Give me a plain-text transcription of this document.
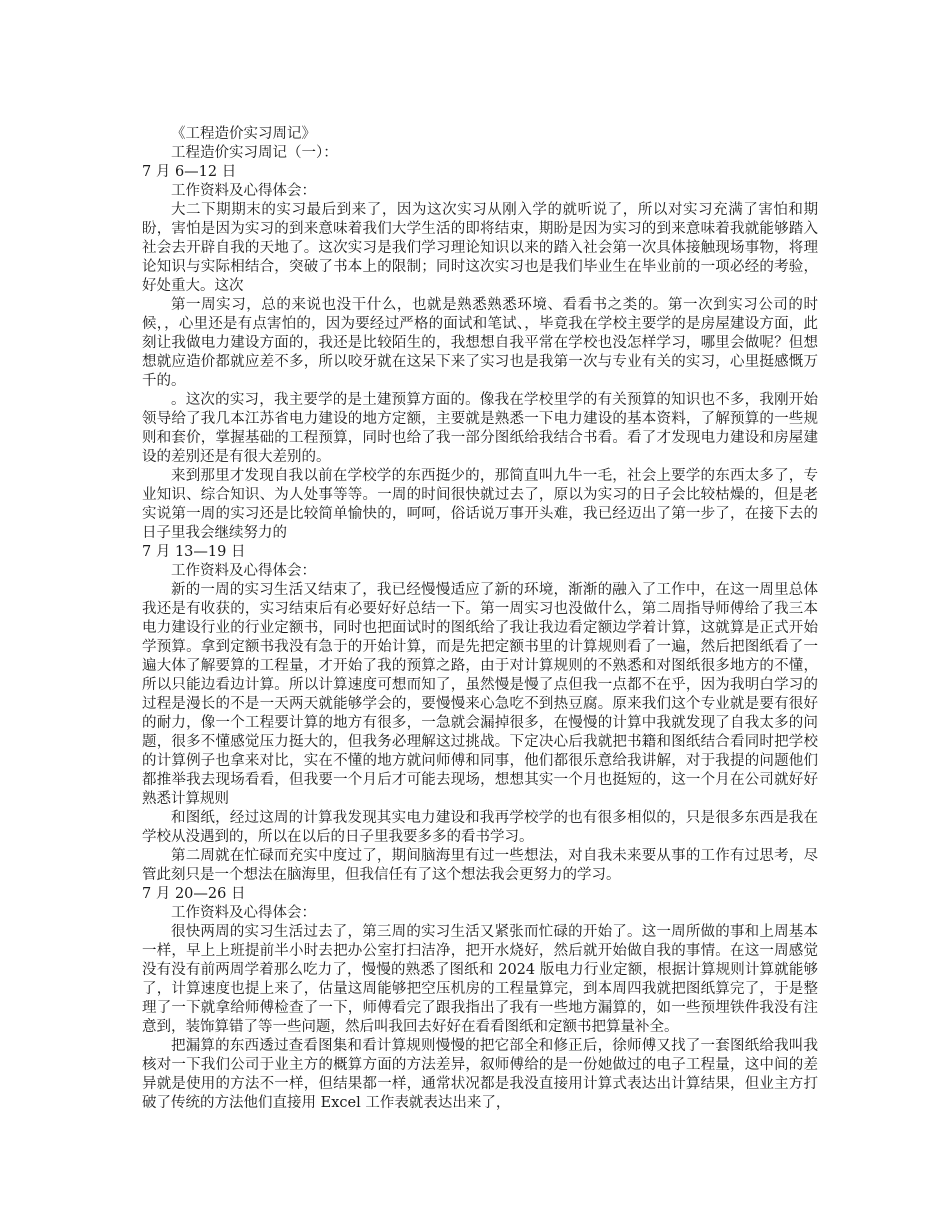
《工程造价实习周记》

工程造价实习周记（一）：

7 月 6—12 日

工作资料及心得体会：

大二下期期末的实习最后到来了，因为这次实习从刚入学的就听说了，所以对实习充满了害怕和期盼，害怕是因为实习的到来意味着我们大学生活的即将结束，期盼是因为实习的到来意味着我就能够踏入社会去开辟自我的天地了。这次实习是我们学习理论知识以来的踏入社会第一次具体接触现场事物，将理论知识与实际相结合，突破了书本上的限制；同时这次实习也是我们毕业生在毕业前的一项必经的考验，好处重大。这次

第一周实习，总的来说也没干什么，也就是熟悉熟悉环境、看看书之类的。第一次到实习公司的时候，，心里还是有点害怕的，因为要经过严格的面试和笔试、，毕竟我在学校主要学的是房屋建设方面，此刻让我做电力建设方面的，我还是比较陌生的，我想想自我平常在学校也没怎样学习，哪里会做呢？但想想就应造价都就应差不多，所以咬牙就在这呆下来了实习也是我第一次与专业有关的实习，心里挺感慨万千的。

。这次的实习，我主要学的是土建预算方面的。像我在学校里学的有关预算的知识也不多，我刚开始领导给了我几本江苏省电力建设的地方定额，主要就是熟悉一下电力建设的基本资料，了解预算的一些规则和套价，掌握基础的工程预算，同时也给了我一部分图纸给我结合书看。看了才发现电力建设和房屋建设的差别还是有很大差别的。

来到那里才发现自我以前在学校学的东西挺少的，那简直叫九牛一毛，社会上要学的东西太多了，专业知识、综合知识、为人处事等等。一周的时间很快就过去了，原以为实习的日子会比较枯燥的，但是老实说第一周的实习还是比较简单愉快的，呵呵，俗话说万事开头难，我已经迈出了第一步了，在接下去的日子里我会继续努力的

7 月 13—19 日

工作资料及心得体会：

新的一周的实习生活又结束了，我已经慢慢适应了新的环境，渐渐的融入了工作中，在这一周里总体我还是有收获的，实习结束后有必要好好总结一下。第一周实习也没做什么，第二周指导师傅给了我三本电力建设行业的行业定额书，同时也把面试时的图纸给了我让我边看定额边学着计算，这就算是正式开始学预算。拿到定额书我没有急于的开始计算，而是先把定额书里的计算规则看了一遍，然后把图纸看了一遍大体了解要算的工程量，才开始了我的预算之路，由于对计算规则的不熟悉和对图纸很多地方的不懂，所以只能边看边计算。所以计算速度可想而知了，虽然慢是慢了点但我一点都不在乎，因为我明白学习的过程是漫长的不是一天两天就能够学会的，要慢慢来心急吃不到热豆腐。原来我们这个专业就是要有很好的耐力，像一个工程要计算的地方有很多，一急就会漏掉很多，在慢慢的计算中我就发现了自我太多的问题，很多不懂感觉压力挺大的，但我务必理解这过挑战。下定决心后我就把书籍和图纸结合看同时把学校的计算例子也拿来对比，实在不懂的地方就问师傅和同事，他们都很乐意给我讲解，对于我提的问题他们都推举我去现场看看，但我要一个月后才可能去现场，想想其实一个月也挺短的，这一个月在公司就好好熟悉计算规则

和图纸，经过这周的计算我发现其实电力建设和我再学校学的也有很多相似的，只是很多东西是我在学校从没遇到的，所以在以后的日子里我要多多的看书学习。

第二周就在忙碌而充实中度过了，期间脑海里有过一些想法，对自我未来要从事的工作有过思考，尽管此刻只是一个想法在脑海里，但我信任有了这个想法我会更努力的学习。

7 月 20—26 日

工作资料及心得体会：

很快两周的实习生活过去了，第三周的实习生活又紧张而忙碌的开始了。这一周所做的事和上周基本一样，早上上班提前半小时去把办公室打扫洁净，把开水烧好，然后就开始做自我的事情。在这一周感觉没有没有前两周学着那么吃力了，慢慢的熟悉了图纸和 2024 版电力行业定额，根据计算规则计算就能够了，计算速度也提上来了，估量这周能够把空压机房的工程量算完，到本周四我就把图纸算完了，于是整理了一下就拿给师傅检查了一下，师傅看完了跟我指出了我有一些地方漏算的，如一些预埋铁件我没有注意到，装饰算错了等一些问题，然后叫我回去好好在看看图纸和定额书把算量补全。

把漏算的东西透过查看图集和看计算规则慢慢的把它部全和修正后，徐师傅又找了一套图纸给我叫我核对一下我们公司于业主方的概算方面的方法差异，叙师傅给的是一份她做过的电子工程量，这中间的差异就是使用的方法不一样，但结果都一样，通常状况都是我没直接用计算式表达出计算结果，但业主方打破了传统的方法他们直接用 Excel 工作表就表达出来了，
